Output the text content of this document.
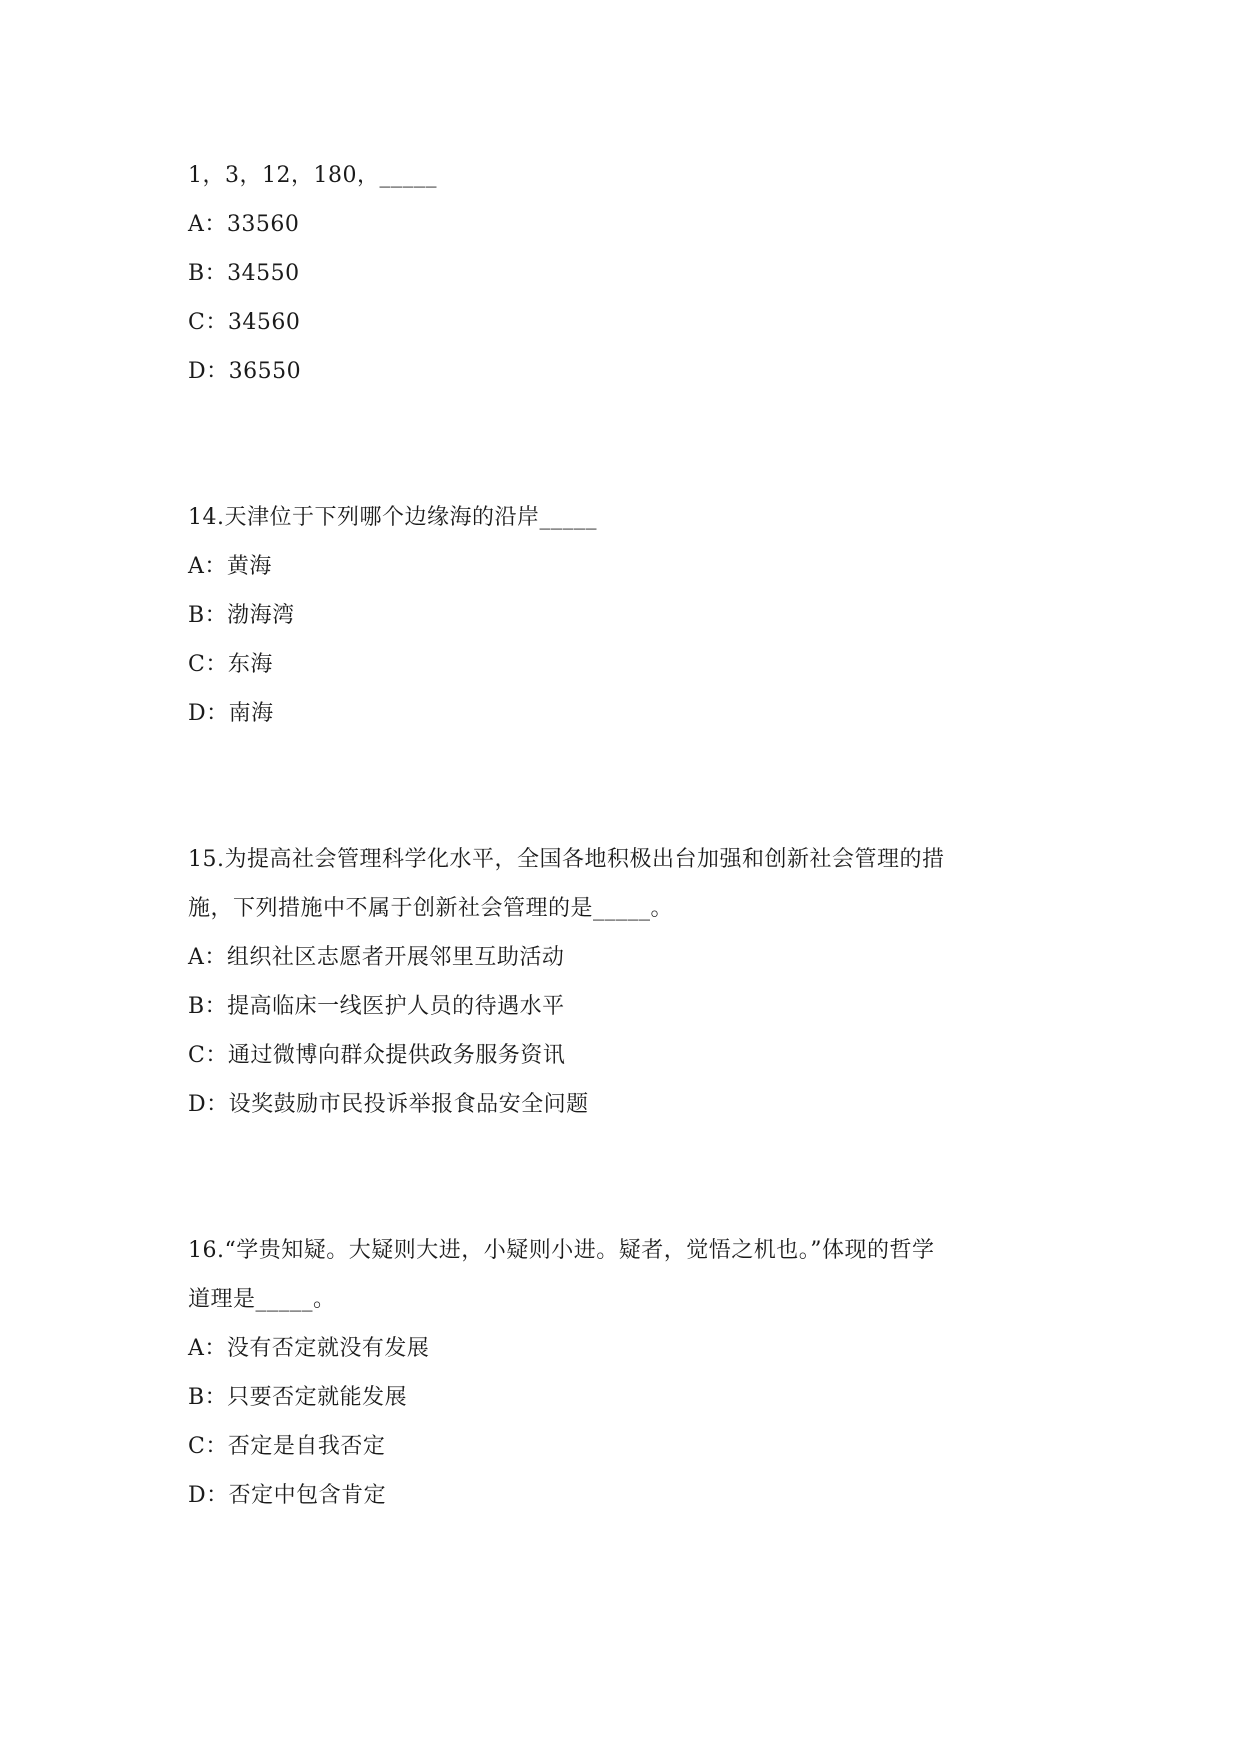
1，3，12，180，_____
A：33560
B：34550
C：34560
D：36550
14.天津位于下列哪个边缘海的沿岸_____
A：黄海
B：渤海湾
C：东海
D：南海
15.为提高社会管理科学化水平，全国各地积极出台加强和创新社会管理的措
施，下列措施中不属于创新社会管理的是_____。
A：组织社区志愿者开展邻里互助活动
B：提高临床一线医护人员的待遇水平
C：通过微博向群众提供政务服务资讯
D：设奖鼓励市民投诉举报食品安全问题
16.“学贵知疑。大疑则大进，小疑则小进。疑者，觉悟之机也。”体现的哲学
道理是_____。
A：没有否定就没有发展
B：只要否定就能发展
C：否定是自我否定
D：否定中包含肯定
